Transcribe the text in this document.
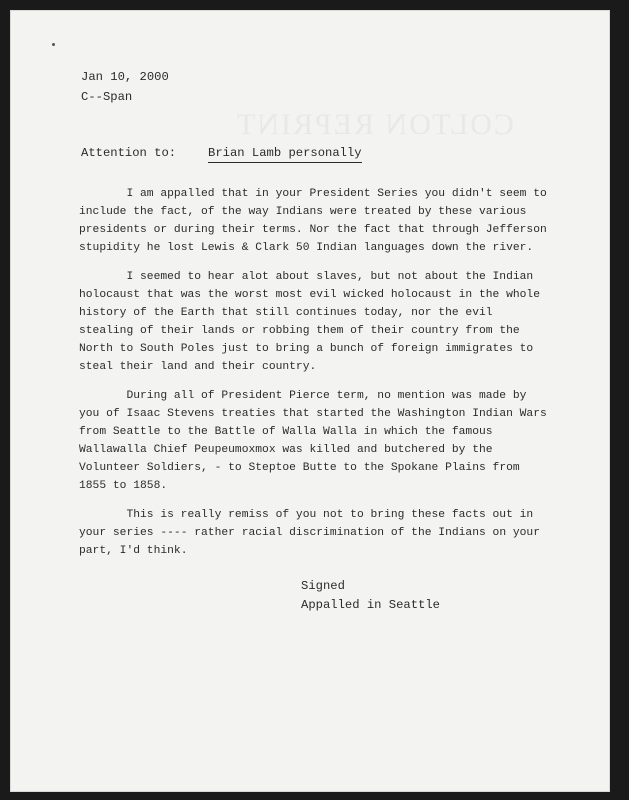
COLTON REPRINT
Jan 10, 2000
C--Span
Attention to:	Brian Lamb personally

I am appalled that in your President Series you didn't seem to include the fact, of the way Indians were treated by these various presidents or during their terms. Nor the fact that through Jefferson stupidity he lost Lewis & Clark 50 Indian languages down the river.

I seemed to hear alot about slaves, but not about the Indian holocaust that was the worst most evil wicked holocaust in the whole history of the Earth that still continues today, nor the evil stealing of their lands or robbing them of their country from the North to South Poles just to bring a bunch of foreign immigrates to steal their land and their country.

During all of President Pierce term, no mention was made by you of Isaac Stevens treaties that started the Washington Indian Wars from Seattle to the Battle of Walla Walla in which the famous Wallawalla Chief Peupeumoxmox was killed and butchered by the Volunteer Soldiers, - to Steptoe Butte to the Spokane Plains from 1855 to 1858.

This is really remiss of you not to bring these facts out in your series ---- rather racial discrimination of the Indians on your part, I'd think.

Signed
Appalled in Seattle
